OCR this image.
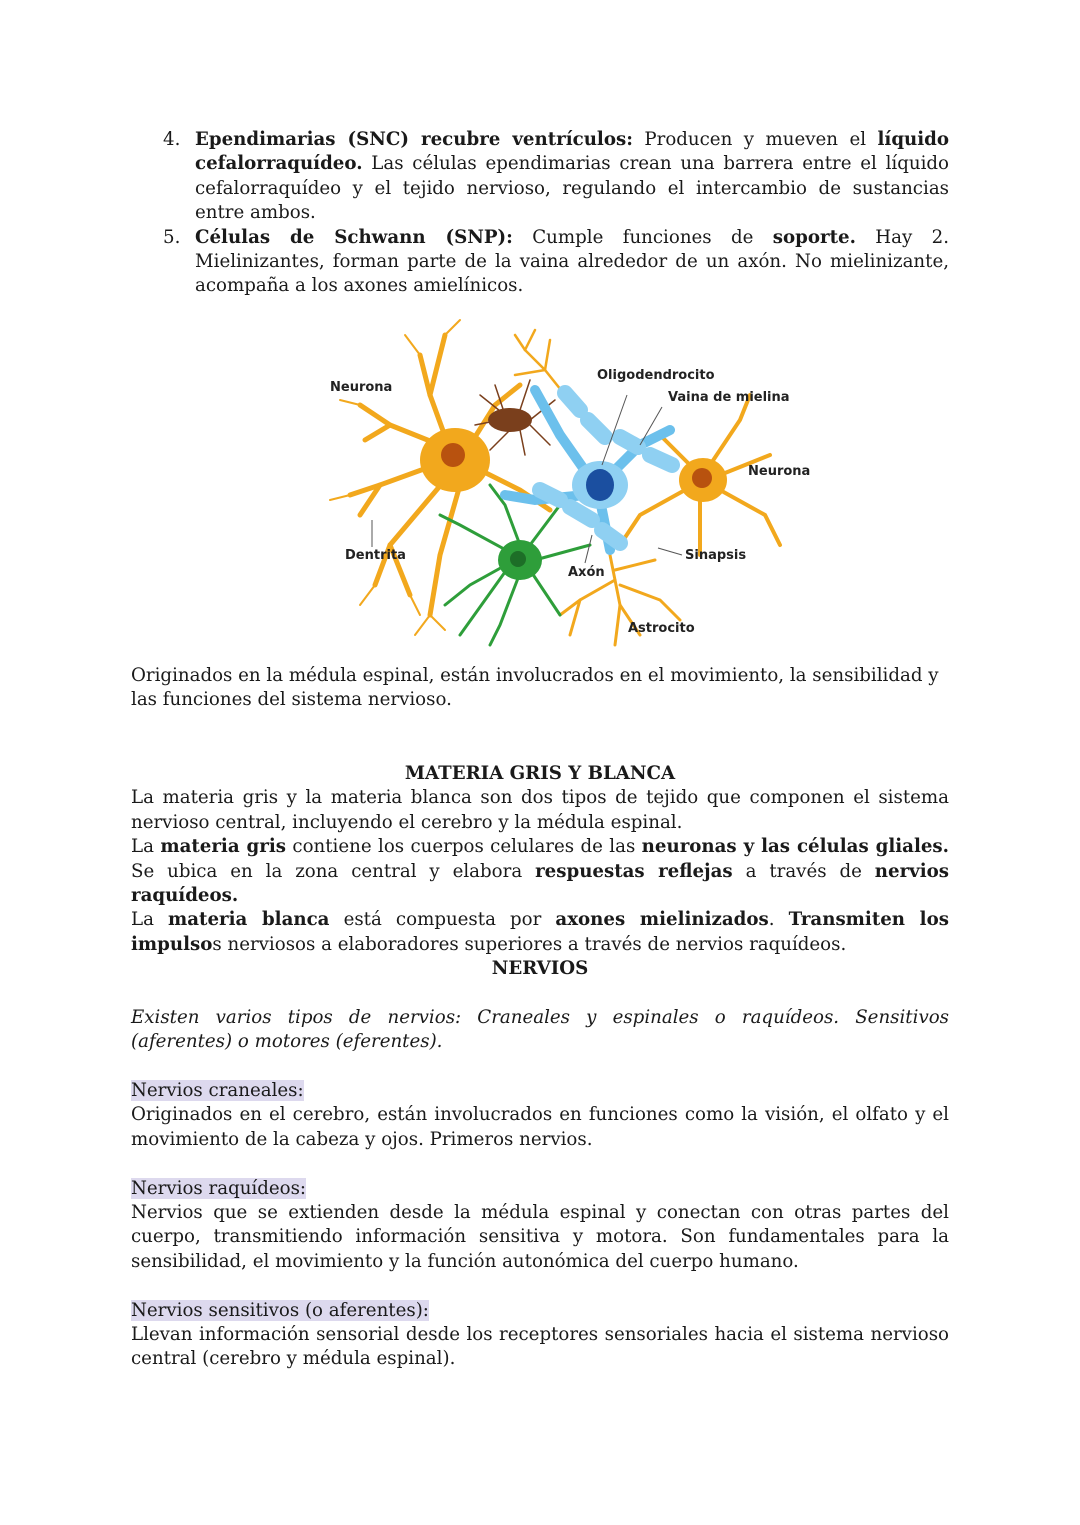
4. Ependimarias (SNC) recubre ventrículos: Producen y mueven el líquido cefalorraquídeo. Las células ependimarias crean una barrera entre el líquido cefalorraquídeo y el tejido nervioso, regulando el intercambio de sustancias entre ambos.
5. Células de Schwann (SNP): Cumple funciones de soporte. Hay 2. Mielinizantes, forman parte de la vaina alrededor de un axón. No mielinizante, acompaña a los axones amielínicos.
Neurona
Oligodendrocito
Vaina de mielina
Neurona
Dentrita
Axón
Sinapsis
Astrocito
Originados en la médula espinal, están involucrados en el movimiento, la sensibilidad y las funciones del sistema nervioso.
MATERIA GRIS Y BLANCA
La materia gris y la materia blanca son dos tipos de tejido que componen el sistema nervioso central, incluyendo el cerebro y la médula espinal.
La materia gris contiene los cuerpos celulares de las neuronas y las células gliales. Se ubica en la zona central y elabora respuestas reflejas a través de nervios raquídeos.
La materia blanca está compuesta por axones mielinizados. Transmiten los impulsos nerviosos a elaboradores superiores a través de nervios raquídeos.
NERVIOS
Existen varios tipos de nervios: Craneales y espinales o raquídeos. Sensitivos (aferentes) o motores (eferentes).
Nervios craneales:
Originados en el cerebro, están involucrados en funciones como la visión, el olfato y el movimiento de la cabeza y ojos. Primeros nervios.
Nervios raquídeos:
Nervios que se extienden desde la médula espinal y conectan con otras partes del cuerpo, transmitiendo información sensitiva y motora. Son fundamentales para la sensibilidad, el movimiento y la función autonómica del cuerpo humano.
Nervios sensitivos (o aferentes):
Llevan información sensorial desde los receptores sensoriales hacia el sistema nervioso central (cerebro y médula espinal).
